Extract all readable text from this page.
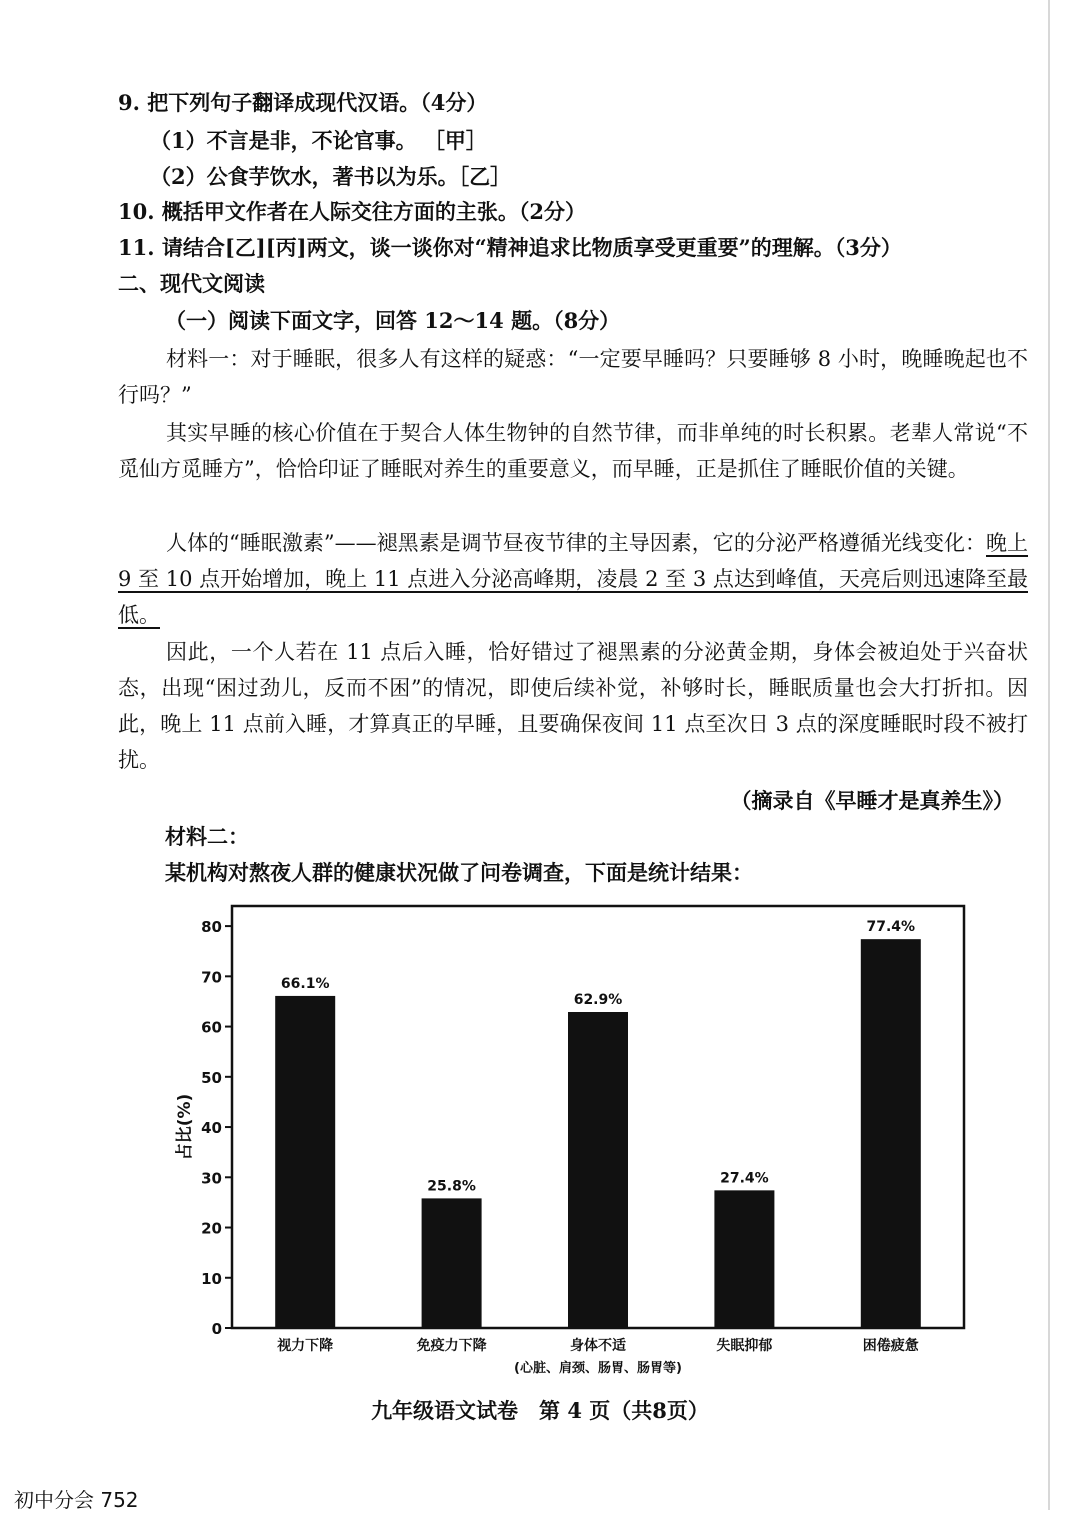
9. 把下列句子翻译成现代汉语。（4分）
（1）不言是非，不论官事。 ［甲］
（2）公食芋饮水，著书以为乐。［乙］
10. 概括甲文作者在人际交往方面的主张。（2分）
11. 请结合[乙][丙]两文，谈一谈你对“精神追求比物质享受更重要”的理解。（3分）
二、现代文阅读
（一）阅读下面文字，回答 12～14 题。（8分）
材料一：对于睡眠，很多人有这样的疑惑：“一定要早睡吗？只要睡够 8 小时，晚睡晚起也不行吗？”
其实早睡的核心价值在于契合人体生物钟的自然节律，而非单纯的时长积累。老辈人常说“不觅仙方觅睡方”，恰恰印证了睡眠对养生的重要意义，而早睡，正是抓住了睡眠价值的关键。
人体的“睡眠激素”——褪黑素是调节昼夜节律的主导因素，它的分泌严格遵循光线变化：晚上 9 至 10 点开始增加，晚上 11 点进入分泌高峰期，凌晨 2 至 3 点达到峰值，天亮后则迅速降至最低。
因此，一个人若在 11 点后入睡，恰好错过了褪黑素的分泌黄金期，身体会被迫处于兴奋状态，出现“困过劲儿，反而不困”的情况，即使后续补觉，补够时长，睡眠质量也会大打折扣。因此，晚上 11 点前入睡，才算真正的早睡，且要确保夜间 11 点至次日 3 点的深度睡眠时段不被打扰。
（摘录自《早睡才是真养生》）
材料二：
某机构对熬夜人群的健康状况做了问卷调查，下面是统计结果：
0
10
20
30
40
50
60
70
80
占比(%)
66.1%
视力下降
25.8%
免疫力下降
62.9%
身体不适
(心脏、肩颈、肠胃、肠胃等)
27.4%
失眠抑郁
77.4%
困倦疲惫
九年级语文试卷　第 4 页（共8页）
初中分会 752
